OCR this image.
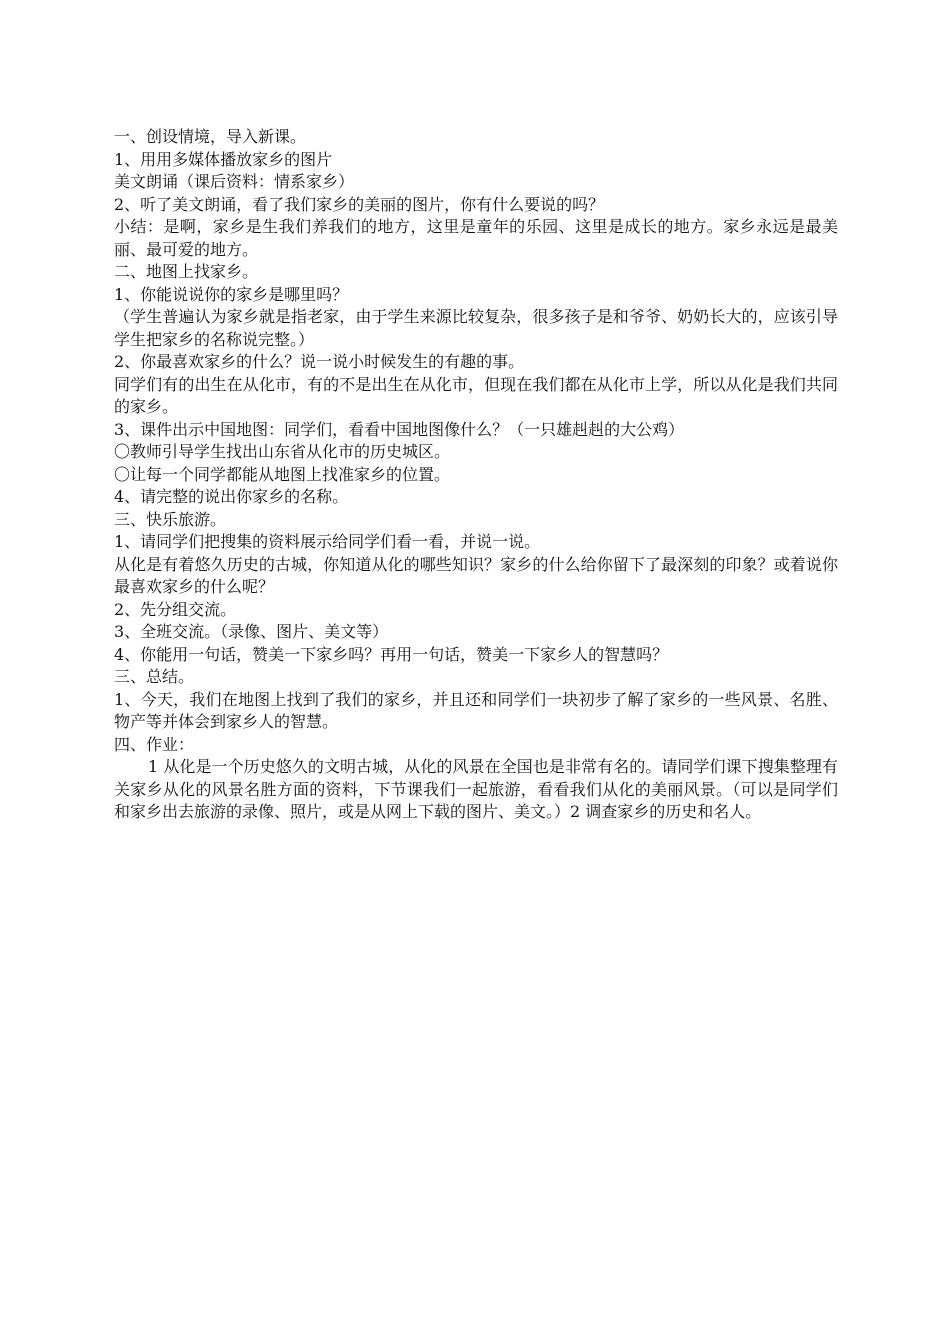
一、创设情境，导入新课。

1、用用多媒体播放家乡的图片

美文朗诵（课后资料：情系家乡）

2、听了美文朗诵，看了我们家乡的美丽的图片，你有什么要说的吗？

小结：是啊，家乡是生我们养我们的地方，这里是童年的乐园、这里是成长的地方。家乡永远是最美丽、最可爱的地方。

二、地图上找家乡。

1、你能说说你的家乡是哪里吗？

（学生普遍认为家乡就是指老家，由于学生来源比较复杂，很多孩子是和爷爷、奶奶长大的，应该引导学生把家乡的名称说完整。）

2、你最喜欢家乡的什么？说一说小时候发生的有趣的事。

同学们有的出生在从化市，有的不是出生在从化市，但现在我们都在从化市上学，所以从化是我们共同的家乡。

3、课件出示中国地图：同学们，看看中国地图像什么？（一只雄赳赳的大公鸡）

〇教师引导学生找出山东省从化市的历史城区。

〇让每一个同学都能从地图上找准家乡的位置。

4、请完整的说出你家乡的名称。

三、快乐旅游。

1、请同学们把搜集的资料展示给同学们看一看，并说一说。

从化是有着悠久历史的古城，你知道从化的哪些知识？家乡的什么给你留下了最深刻的印象？或着说你最喜欢家乡的什么呢？

2、先分组交流。

3、全班交流。（录像、图片、美文等）

4、你能用一句话，赞美一下家乡吗？再用一句话，赞美一下家乡人的智慧吗？

三、总结。

1、今天，我们在地图上找到了我们的家乡，并且还和同学们一块初步了解了家乡的一些风景、名胜、物产等并体会到家乡人的智慧。

四、作业：

1 从化是一个历史悠久的文明古城，从化的风景在全国也是非常有名的。请同学们课下搜集整理有关家乡从化的风景名胜方面的资料，下节课我们一起旅游，看看我们从化的美丽风景。（可以是同学们和家乡出去旅游的录像、照片，或是从网上下载的图片、美文。）2 调查家乡的历史和名人。
